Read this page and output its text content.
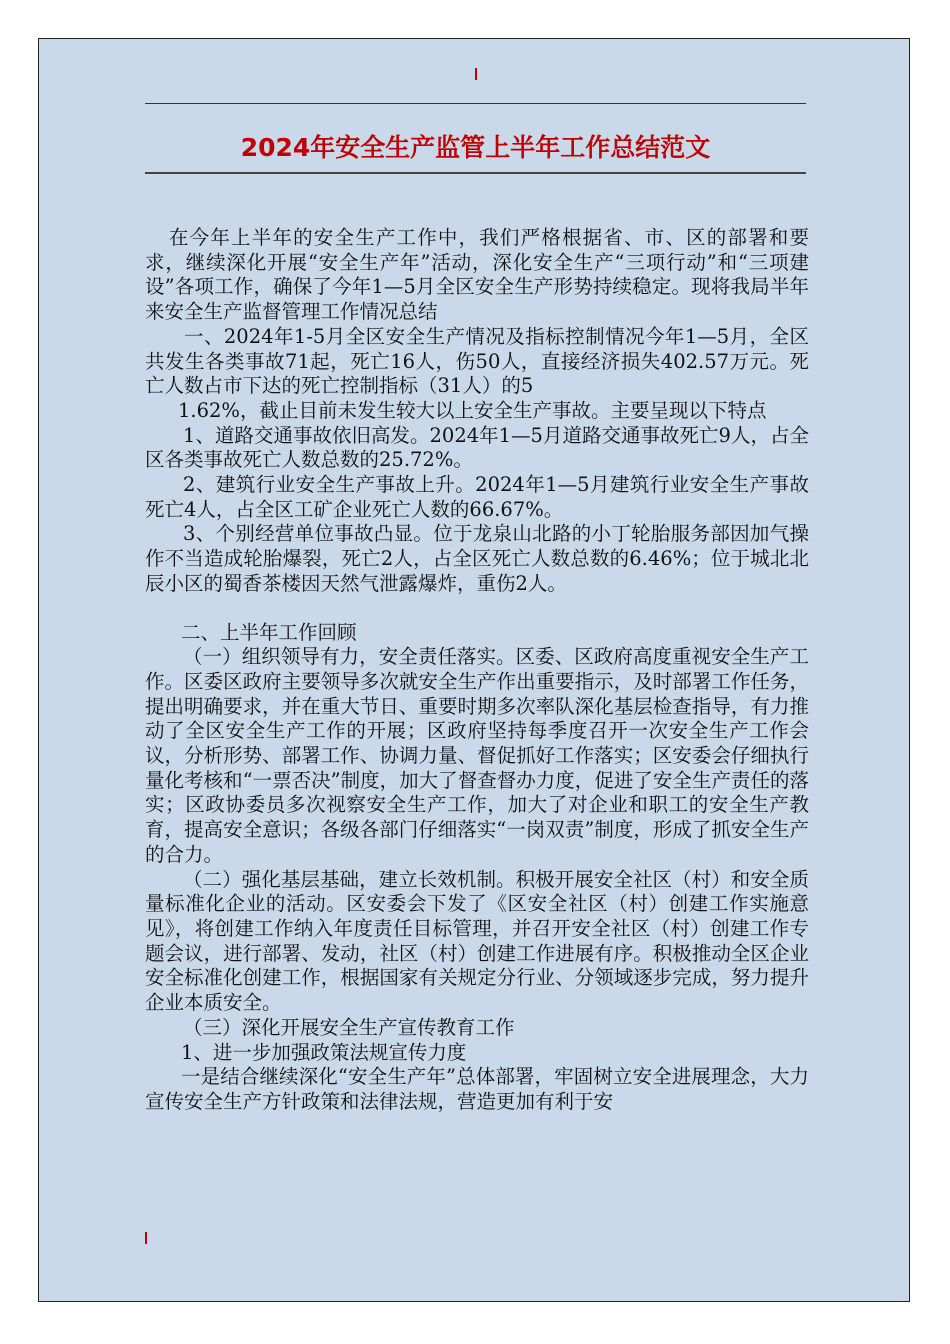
2024年安全生产监管上半年工作总结范文

在今年上半年的安全生产工作中，我们严格根据省、市、区的部署和要求，继续深化开展“安全生产年”活动，深化安全生产“三项行动”和“三项建设”各项工作，确保了今年1—5月全区安全生产形势持续稳定。现将我局半年来安全生产监督管理工作情况总结

一、2024年1-5月全区安全生产情况及指标控制情况今年1—5月，全区共发生各类事故71起，死亡16人，伤50人，直接经济损失402.57万元。死亡人数占市下达的死亡控制指标（31人）的5

1.62%，截止目前未发生较大以上安全生产事故。主要呈现以下特点

1、道路交通事故依旧高发。2024年1—5月道路交通事故死亡9人，占全区各类事故死亡人数总数的25.72%。

2、建筑行业安全生产事故上升。2024年1—5月建筑行业安全生产事故死亡4人，占全区工矿企业死亡人数的66.67%。

3、个别经营单位事故凸显。位于龙泉山北路的小丁轮胎服务部因加气操作不当造成轮胎爆裂，死亡2人，占全区死亡人数总数的6.46%；位于城北北辰小区的蜀香茶楼因天然气泄露爆炸，重伤2人。

二、上半年工作回顾

（一）组织领导有力，安全责任落实。区委、区政府高度重视安全生产工作。区委区政府主要领导多次就安全生产作出重要指示，及时部署工作任务，提出明确要求，并在重大节日、重要时期多次率队深化基层检查指导，有力推动了全区安全生产工作的开展；区政府坚持每季度召开一次安全生产工作会议，分析形势、部署工作、协调力量、督促抓好工作落实；区安委会仔细执行量化考核和“一票否决”制度，加大了督查督办力度，促进了安全生产责任的落实；区政协委员多次视察安全生产工作，加大了对企业和职工的安全生产教育，提高安全意识；各级各部门仔细落实“一岗双责”制度，形成了抓安全生产的合力。

（二）强化基层基础，建立长效机制。积极开展安全社区（村）和安全质量标准化企业的活动。区安委会下发了《区安全社区（村）创建工作实施意见》，将创建工作纳入年度责任目标管理，并召开安全社区（村）创建工作专题会议，进行部署、发动，社区（村）创建工作进展有序。积极推动全区企业安全标准化创建工作，根据国家有关规定分行业、分领域逐步完成，努力提升企业本质安全。

（三）深化开展安全生产宣传教育工作

1、进一步加强政策法规宣传力度

一是结合继续深化“安全生产年”总体部署，牢固树立安全进展理念，大力宣传安全生产方针政策和法律法规，营造更加有利于安
